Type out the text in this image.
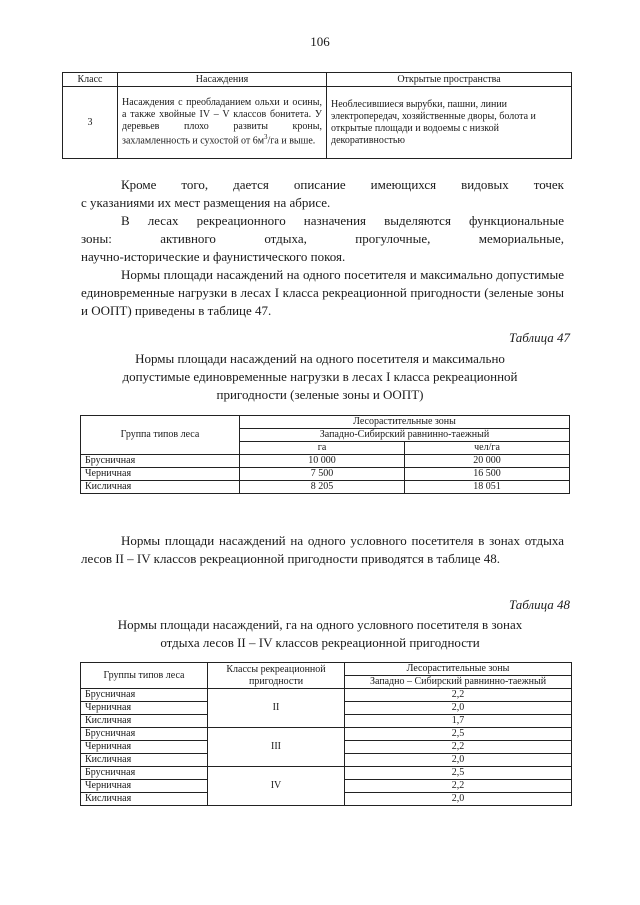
106
Класс	Насаждения	Открытые пространства
3	Насаждения с преобладанием ольхи и осины, а также хвойные IV – V классов бонитета. У деревьев плохо развиты кроны, захламленность и сухостой от $6м^3/га$ и выше.	Необлесившиеся вырубки, пашни, линии электропередач, хозяйственные дворы, болота и открытые площади и водоемы с низкой декоративностью
Кроме того, дается описание имеющихся видовых точек
с указаниями их мест размещения на абрисе.
В лесах рекреационного назначения выделяются функциональные
зоны: активного отдыха, прогулочные, мемориальные,
научно-исторические и фаунистического покоя.

Нормы площади насаждений на одного посетителя и максимально допустимые единовременные нагрузки в лесах I класса рекреационной пригодности (зеленые зоны и ООПТ) приведены в таблице 47.

Таблица 47

Нормы площади насаждений на одного посетителя и максимально допустимые единовременные нагрузки в лесах I класса рекреационной пригодности (зеленые зоны и ООПТ)

Группа типов леса	Лесорастительные зоны	
	Западно-Сибирский равнинно-таежный	
	га	чел/га
Брусничная	10 000	20 000
Черничная	7 500	16 500
Кисличная	8 205	18 051

Нормы площади насаждений на одного условного посетителя в зонах отдыха лесов II – IV классов рекреационной пригодности приводятся в таблице 48.

Таблица 48

Нормы площади насаждений, га на одного условного посетителя в зонах отдыха лесов II – IV классов рекреационной пригодности

Группы типов леса	Классы рекреационной пригодности	Лесорастительные зоны
		Западно – Сибирский равнинно-таежный
Брусничная	II	2,2
Черничная		2,0
Кисличная		1,7
Брусничная	III	2,5
Черничная		2,2
Кисличная		2,0
Брусничная	IV	2,5
Черничная		2,2
Кисличная		2,0
